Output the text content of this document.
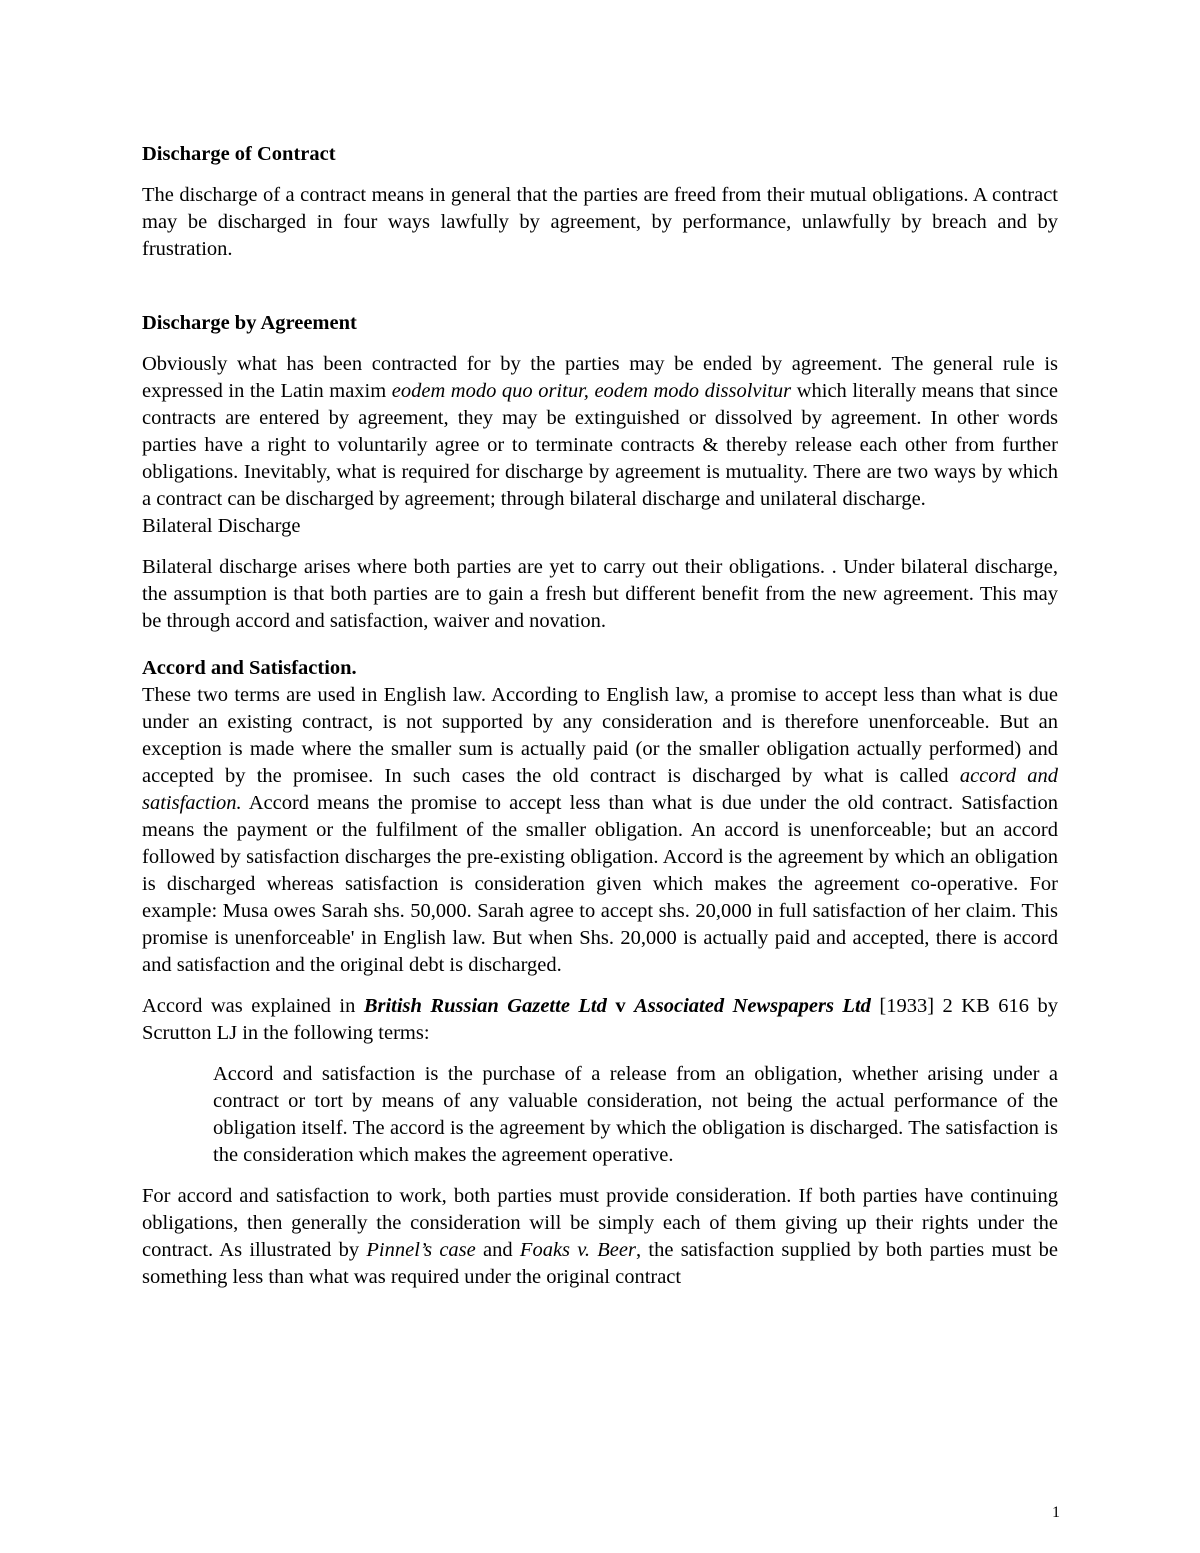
Discharge of Contract

The discharge of a contract means in general that the parties are freed from their mutual obligations. A contract may be discharged in four ways lawfully by agreement, by performance, unlawfully by breach and by frustration.

Discharge by Agreement

Obviously what has been contracted for by the parties may be ended by agreement. The general rule is expressed in the Latin maxim eodem modo quo oritur, eodem modo dissolvitur which literally means that since contracts are entered by agreement, they may be extinguished or dissolved by agreement. In other words parties have a right to voluntarily agree or to terminate contracts & thereby release each other from further obligations. Inevitably, what is required for discharge by agreement is mutuality. There are two ways by which a contract can be discharged by agreement; through bilateral discharge and unilateral discharge.

Bilateral Discharge

Bilateral discharge arises where both parties are yet to carry out their obligations. . Under bilateral discharge, the assumption is that both parties are to gain a fresh but different benefit from the new agreement. This may be through accord and satisfaction, waiver and novation.

Accord and Satisfaction.

These two terms are used in English law. According to English law, a promise to accept less than what is due under an existing contract, is not supported by any consideration and is therefore unenforceable. But an exception is made where the smaller sum is actually paid (or the smaller obligation actually performed) and accepted by the promisee. In such cases the old contract is discharged by what is called accord and satisfaction. Accord means the promise to accept less than what is due under the old contract. Satisfaction means the payment or the fulfilment of the smaller obligation. An accord is unenforceable; but an accord followed by satisfaction discharges the pre-existing obligation. Accord is the agreement by which an obligation is discharged whereas satisfaction is consideration given which makes the agreement co-operative. For example: Musa owes Sarah shs. 50,000. Sarah agree to accept shs. 20,000 in full satisfaction of her claim. This promise is unenforceable' in English law. But when Shs. 20,000 is actually paid and accepted, there is accord and satisfaction and the original debt is discharged.

Accord was explained in British Russian Gazette Ltd v Associated Newspapers Ltd [1933] 2 KB 616 by Scrutton LJ in the following terms:

Accord and satisfaction is the purchase of a release from an obligation, whether arising under a contract or tort by means of any valuable consideration, not being the actual performance of the obligation itself. The accord is the agreement by which the obligation is discharged. The satisfaction is the consideration which makes the agreement operative.

For accord and satisfaction to work, both parties must provide consideration. If both parties have continuing obligations, then generally the consideration will be simply each of them giving up their rights under the contract. As illustrated by Pinnel’s case and Foaks v. Beer, the satisfaction supplied by both parties must be something less than what was required under the original contract

1
